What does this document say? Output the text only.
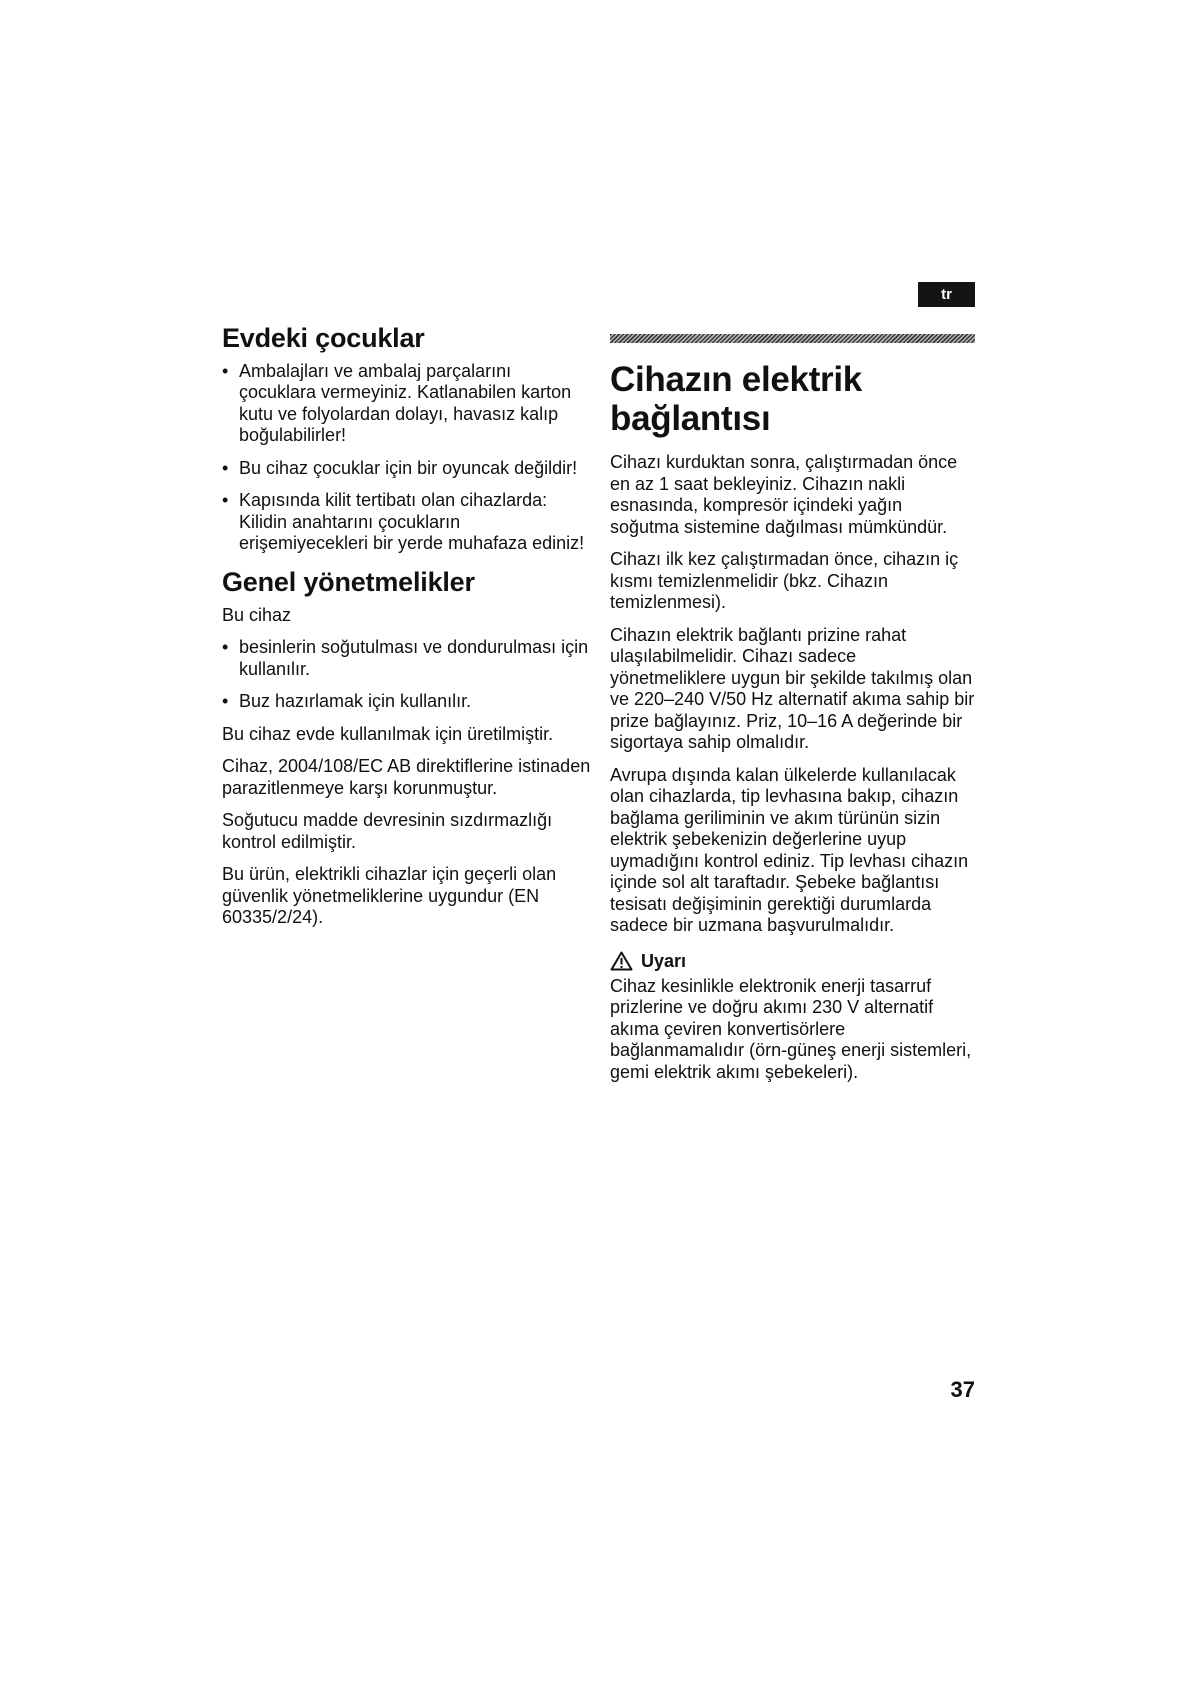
tr
Evdeki çocuklar
• Ambalajları ve ambalaj parçalarını çocuklara vermeyiniz. Katlanabilen karton kutu ve folyolardan dolayı, havasız kalıp boğulabilirler!
• Bu cihaz çocuklar için bir oyuncak değildir!
• Kapısında kilit tertibatı olan cihazlarda: Kilidin anahtarını çocukların erişemiyecekleri bir yerde muhafaza ediniz!
Genel yönetmelikler

Bu cihaz

• besinlerin soğutulması ve dondurulması için kullanılır.
• Buz hazırlamak için kullanılır.

Bu cihaz evde kullanılmak için üretilmiştir.

Cihaz, 2004/108/EC AB direktiflerine istinaden parazitlenmeye karşı korunmuştur.

Soğutucu madde devresinin sızdırmazlığı kontrol edilmiştir.

Bu ürün, elektrikli cihazlar için geçerli olan güvenlik yönetmeliklerine uygundur (EN 60335/2/24).

Cihazın elektrik bağlantısı

Cihazı kurduktan sonra, çalıştırmadan önce en az 1 saat bekleyiniz. Cihazın nakli esnasında, kompresör içindeki yağın soğutma sistemine dağılması mümkündür.

Cihazı ilk kez çalıştırmadan önce, cihazın iç kısmı temizlenmelidir (bkz. Cihazın temizlenmesi).

Cihazın elektrik bağlantı prizine rahat ulaşılabilmelidir. Cihazı sadece yönetmeliklere uygun bir şekilde takılmış olan ve 220–240 V/50 Hz alternatif akıma sahip bir prize bağlayınız. Priz, 10–16 A değerinde bir sigortaya sahip olmalıdır.

Avrupa dışında kalan ülkelerde kullanılacak olan cihazlarda, tip levhasına bakıp, cihazın bağlama geriliminin ve akım türünün sizin elektrik şebekenizin değerlerine uyup uymadığını kontrol ediniz. Tip levhası cihazın içinde sol alt taraftadır. Şebeke bağlantısı tesisatı değişiminin gerektiği durumlarda sadece bir uzmana başvurulmalıdır.

Uyarı

Cihaz kesinlikle elektronik enerji tasarruf prizlerine ve doğru akımı 230 V alternatif akıma çeviren konvertisörlere bağlanmamalıdır (örn-güneş enerji sistemleri, gemi elektrik akımı şebekeleri).

37
